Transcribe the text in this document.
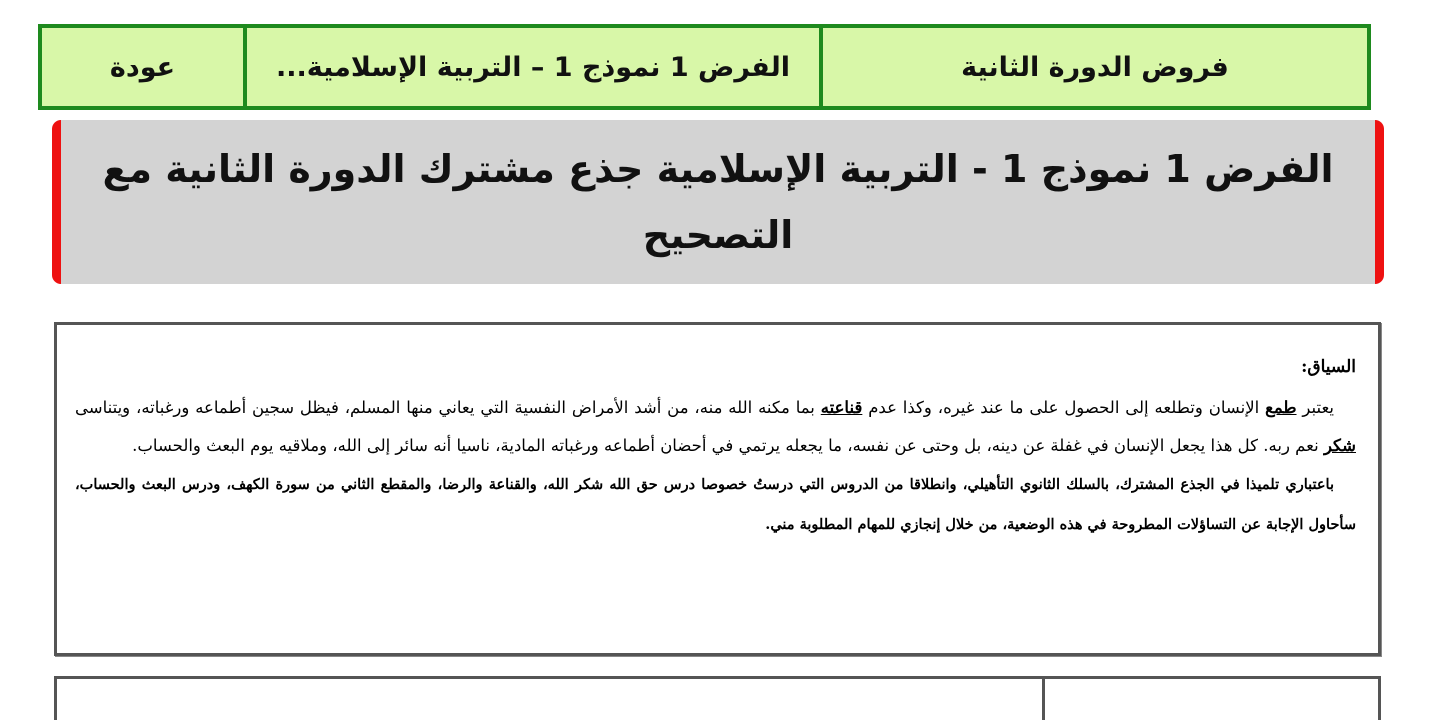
فروض الدورة الثانية
الفرض 1 نموذج 1 – التربية الإسلامية...
عودة
الفرض 1 نموذج 1 - التربية الإسلامية جذع مشترك الدورة الثانية مع التصحيح
السياق:

يعتبر طمع الإنسان وتطلعه إلى الحصول على ما عند غيره، وكذا عدم قناعته بما مكنه الله منه، من أشد الأمراض النفسية التي يعاني منها المسلم، فيظل سجين أطماعه ورغباته، ويتناسى شكر نعم ربه. كل هذا يجعل الإنسان في غفلة عن دينه، بل وحتى عن نفسه، ما يجعله يرتمي في أحضان أطماعه ورغباته المادية، ناسيا أنه سائر إلى الله، وملاقيه يوم البعث والحساب.

باعتباري تلميذا في الجذع المشترك، بالسلك الثانوي التأهيلي، وانطلاقا من الدروس التي درستُ خصوصا درس حق الله شكر الله، والقناعة والرضا، والمقطع الثاني من سورة الكهف، ودرس البعث والحساب، سأحاول الإجابة عن التساؤلات المطروحة في هذه الوضعية، من خلال إنجازي للمهام المطلوبة مني.
